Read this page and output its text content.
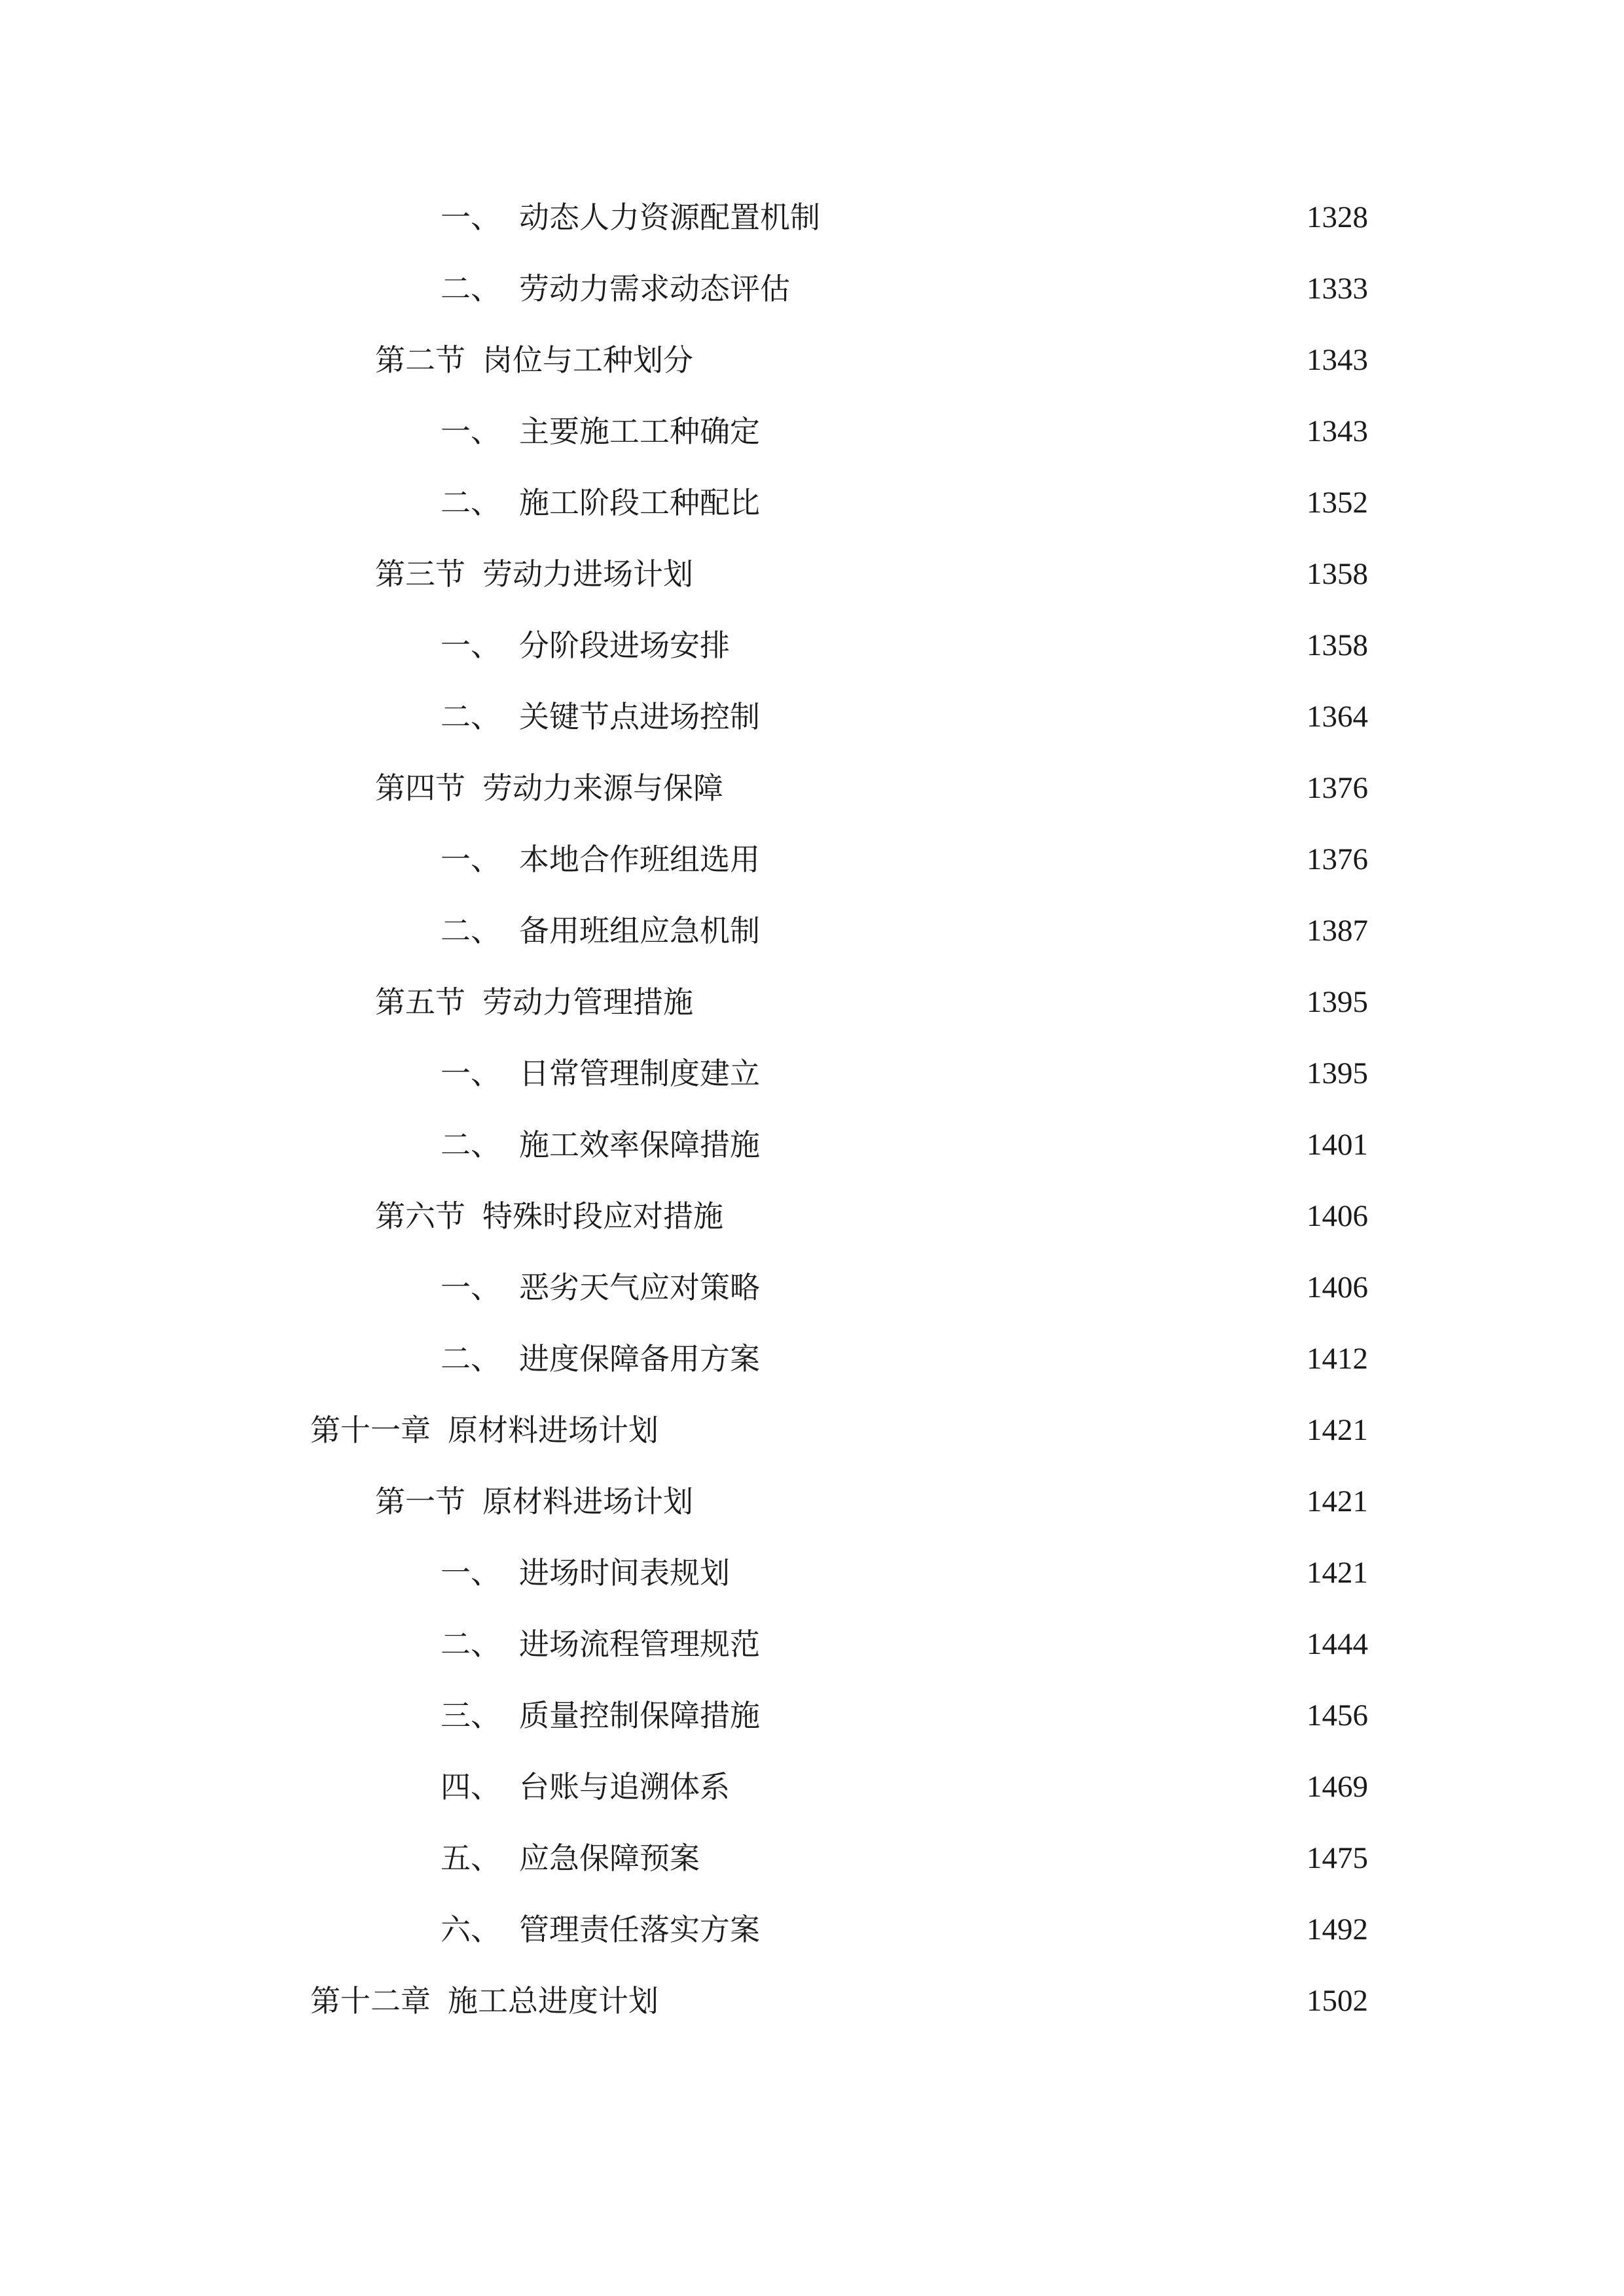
一、 动态人力资源配置机制	1328
二、 劳动力需求动态评估	1333
第二节 岗位与工种划分	1343
一、 主要施工工种确定	1343
二、 施工阶段工种配比	1352
第三节 劳动力进场计划	1358
一、 分阶段进场安排	1358
二、 关键节点进场控制	1364
第四节 劳动力来源与保障	1376
一、 本地合作班组选用	1376
二、 备用班组应急机制	1387
第五节 劳动力管理措施	1395
一、 日常管理制度建立	1395
二、 施工效率保障措施	1401
第六节 特殊时段应对措施	1406
一、 恶劣天气应对策略	1406
二、 进度保障备用方案	1412
第十一章 原材料进场计划	1421
第一节 原材料进场计划	1421
一、 进场时间表规划	1421
二、 进场流程管理规范	1444
三、 质量控制保障措施	1456
四、 台账与追溯体系	1469
五、 应急保障预案	1475
六、 管理责任落实方案	1492
第十二章 施工总进度计划	1502
